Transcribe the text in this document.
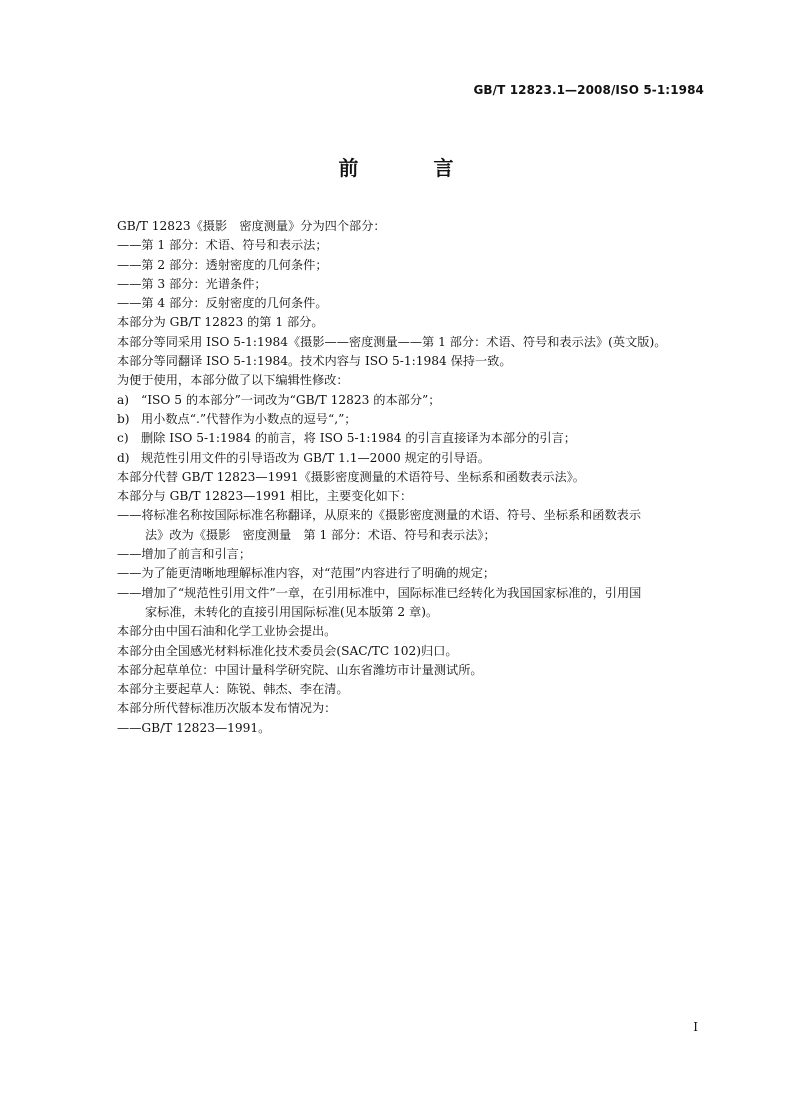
GB/T 12823.1—2008/ISO 5-1:1984
前 言
GB/T 12823《摄影　密度测量》分为四个部分：
——第 1 部分：术语、符号和表示法；
——第 2 部分：透射密度的几何条件；
——第 3 部分：光谱条件；
——第 4 部分：反射密度的几何条件。
本部分为 GB/T 12823 的第 1 部分。
本部分等同采用 ISO 5-1:1984《摄影——密度测量——第 1 部分：术语、符号和表示法》(英文版)。
本部分等同翻译 ISO 5-1:1984。技术内容与 ISO 5-1:1984 保持一致。
为便于使用，本部分做了以下编辑性修改：
a) “ISO 5 的本部分”一词改为“GB/T 12823 的本部分”；
b) 用小数点“.”代替作为小数点的逗号“,”；
c)	删除 ISO 5-1:1984 的前言，将 ISO 5-1:1984 的引言直接译为本部分的引言；
d) 规范性引用文件的引导语改为 GB/T 1.1—2000 规定的引导语。
本部分代替 GB/T 12823—1991《摄影密度测量的术语符号、坐标系和函数表示法》。
本部分与 GB/T 12823—1991 相比，主要变化如下：
——将标准名称按国际标准名称翻译，从原来的《摄影密度测量的术语、符号、坐标系和函数表示
法》改为《摄影　密度测量　第 1 部分：术语、符号和表示法》；
——增加了前言和引言；
——为了能更清晰地理解标准内容，对“范围”内容进行了明确的规定；
——增加了“规范性引用文件”一章，在引用标准中，国际标准已经转化为我国国家标准的，引用国
家标准，未转化的直接引用国际标准(见本版第 2 章)。
本部分由中国石油和化学工业协会提出。
本部分由全国感光材料标准化技术委员会(SAC/TC 102)归口。
本部分起草单位：中国计量科学研究院、山东省潍坊市计量测试所。
本部分主要起草人：陈锐、韩杰、李在清。
本部分所代替标准历次版本发布情况为：
——GB/T 12823—1991。
I
